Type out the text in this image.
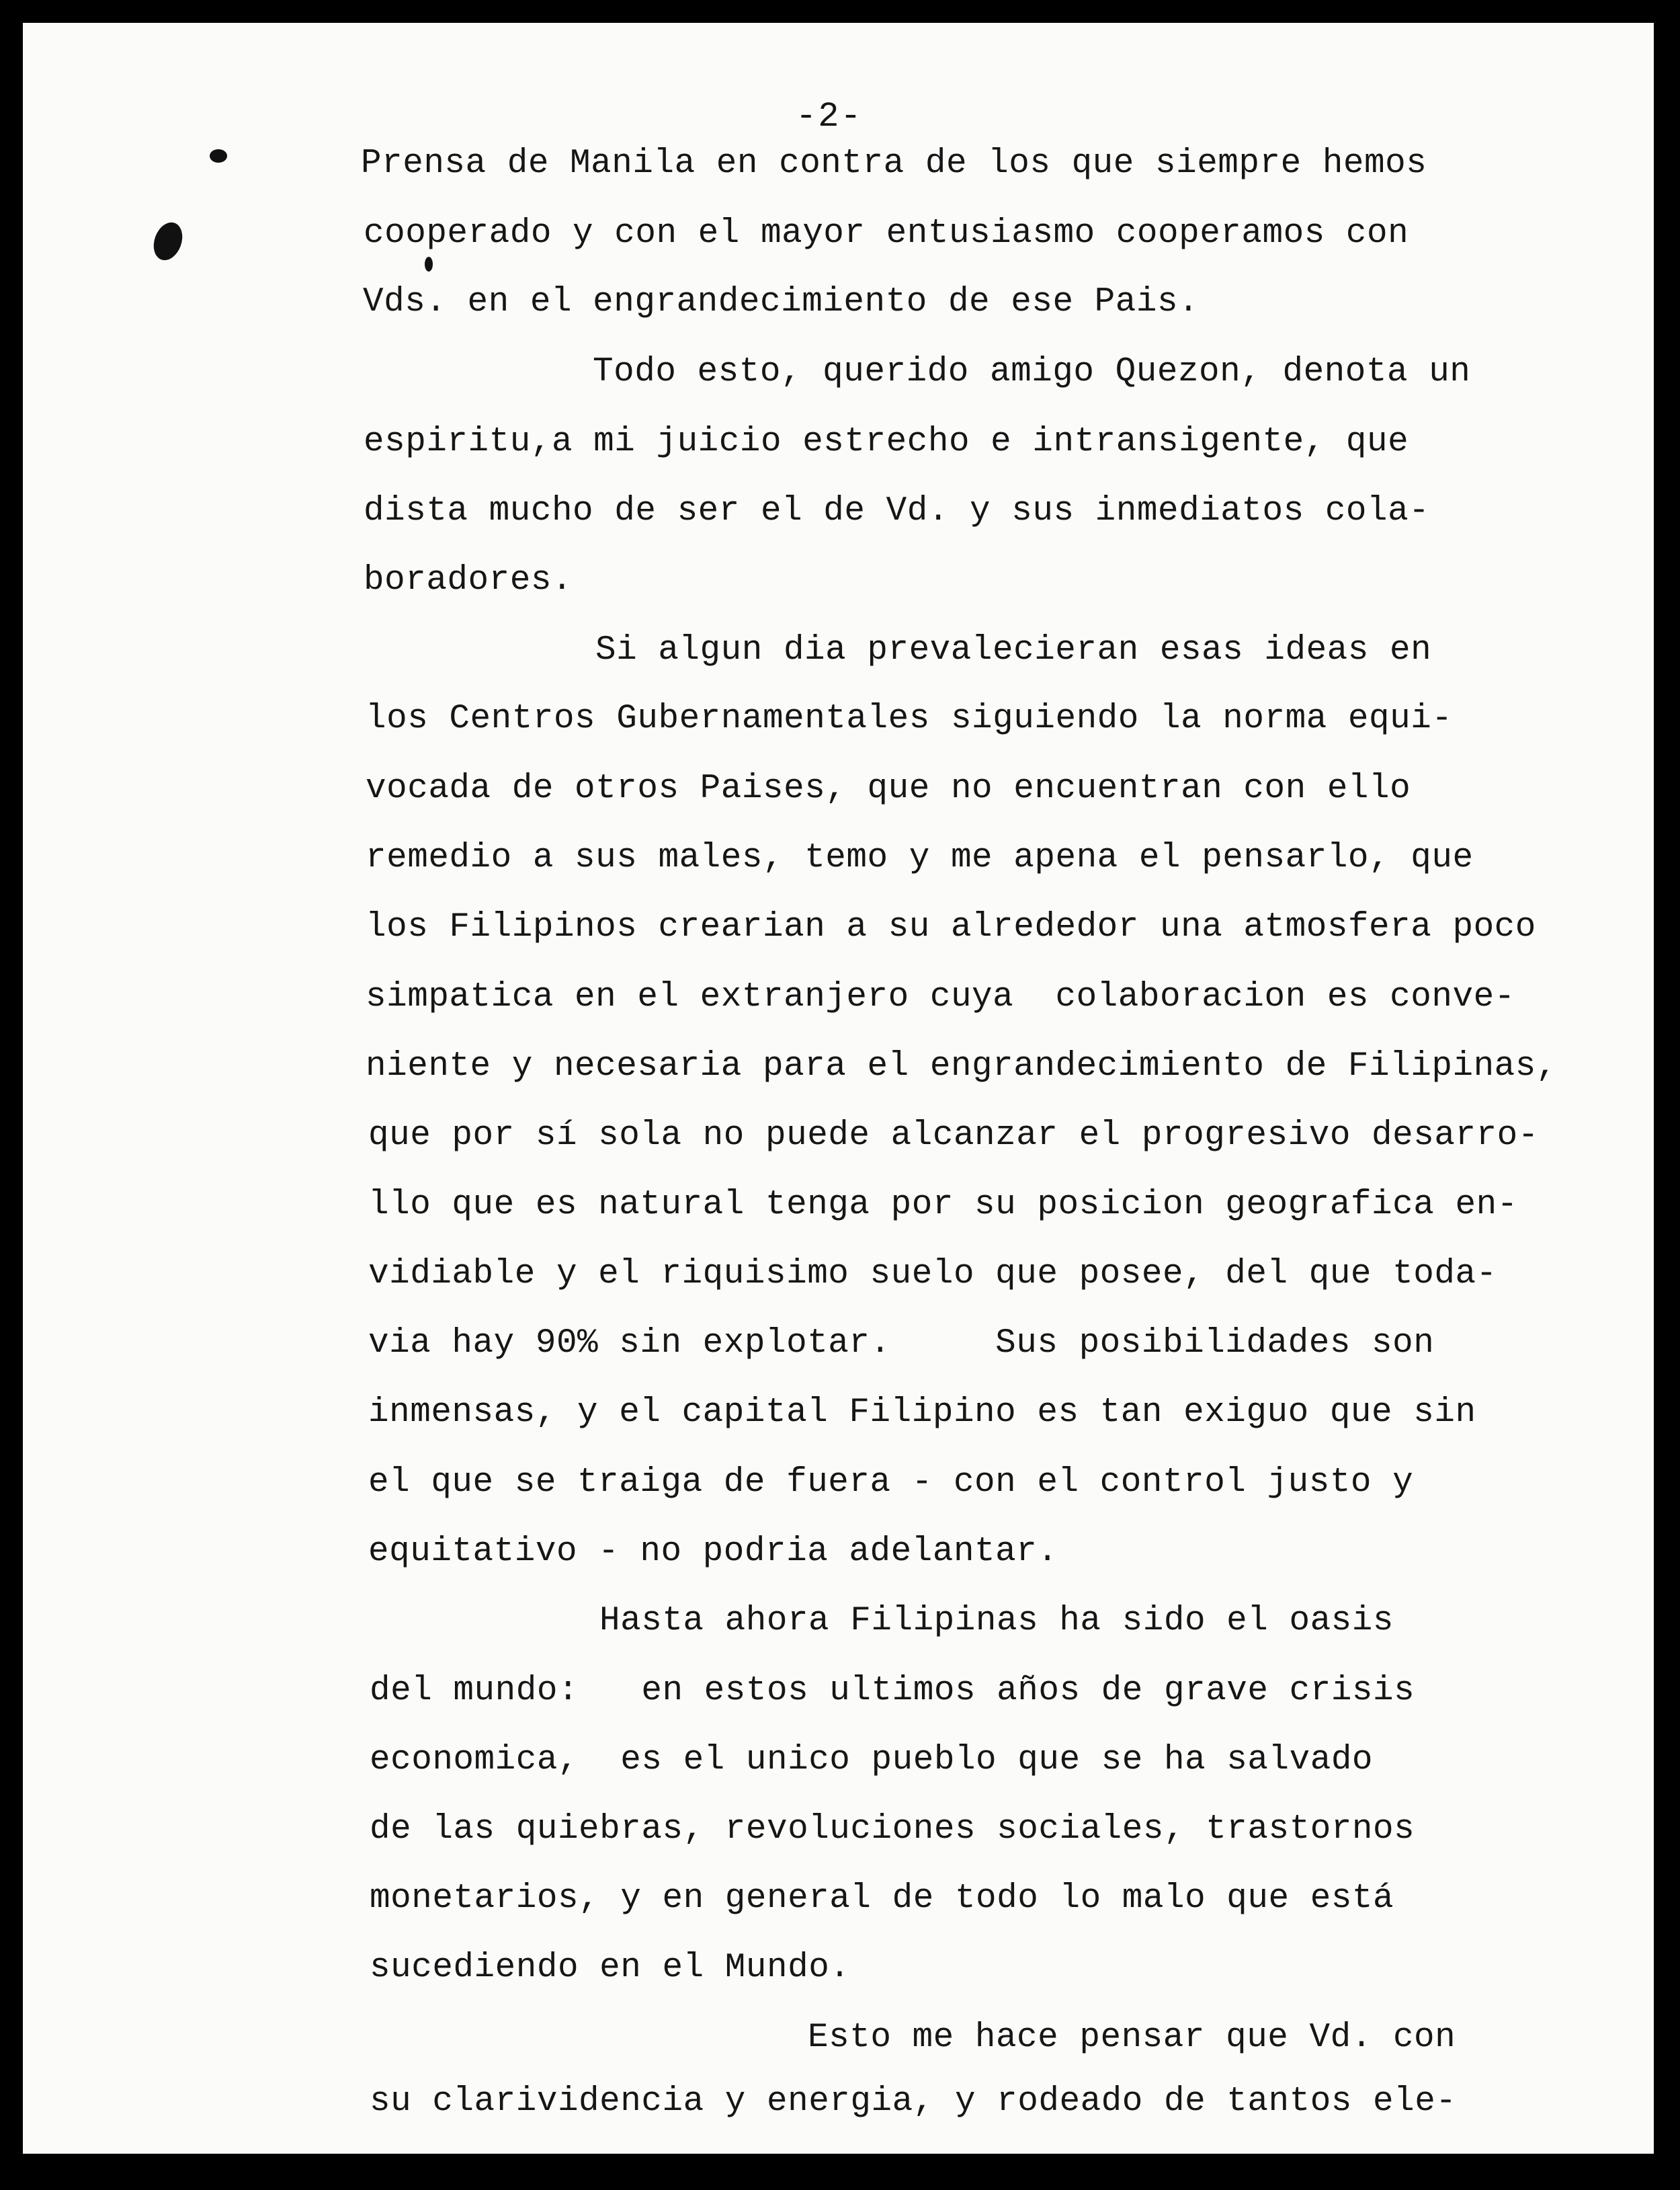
-2-
Prensa de Manila en contra de los que siempre hemos
cooperado y con el mayor entusiasmo cooperamos con
Vds. en el engrandecimiento de ese Pais.
Todo esto, querido amigo Quezon, denota un
espiritu,a mi juicio estrecho e intransigente, que
dista mucho de ser el de Vd. y sus inmediatos cola-
boradores.
Si algun dia prevalecieran esas ideas en
los Centros Gubernamentales siguiendo la norma equi-
vocada de otros Paises, que no encuentran con ello
remedio a sus males, temo y me apena el pensarlo, que
los Filipinos crearian a su alrededor una atmosfera poco
simpatica en el extranjero cuya  colaboracion es conve-
niente y necesaria para el engrandecimiento de Filipinas,
que por sí sola no puede alcanzar el progresivo desarro-
llo que es natural tenga por su posicion geografica en-
vidiable y el riquisimo suelo que posee, del que toda-
via hay 90% sin explotar.     Sus posibilidades son
inmensas, y el capital Filipino es tan exiguo que sin
el que se traiga de fuera - con el control justo y
equitativo - no podria adelantar.
Hasta ahora Filipinas ha sido el oasis
del mundo:   en estos ultimos años de grave crisis
economica,  es el unico pueblo que se ha salvado
de las quiebras, revoluciones sociales, trastornos
monetarios, y en general de todo lo malo que está
sucediendo en el Mundo.
Esto me hace pensar que Vd. con
su clarividencia y energia, y rodeado de tantos ele-
